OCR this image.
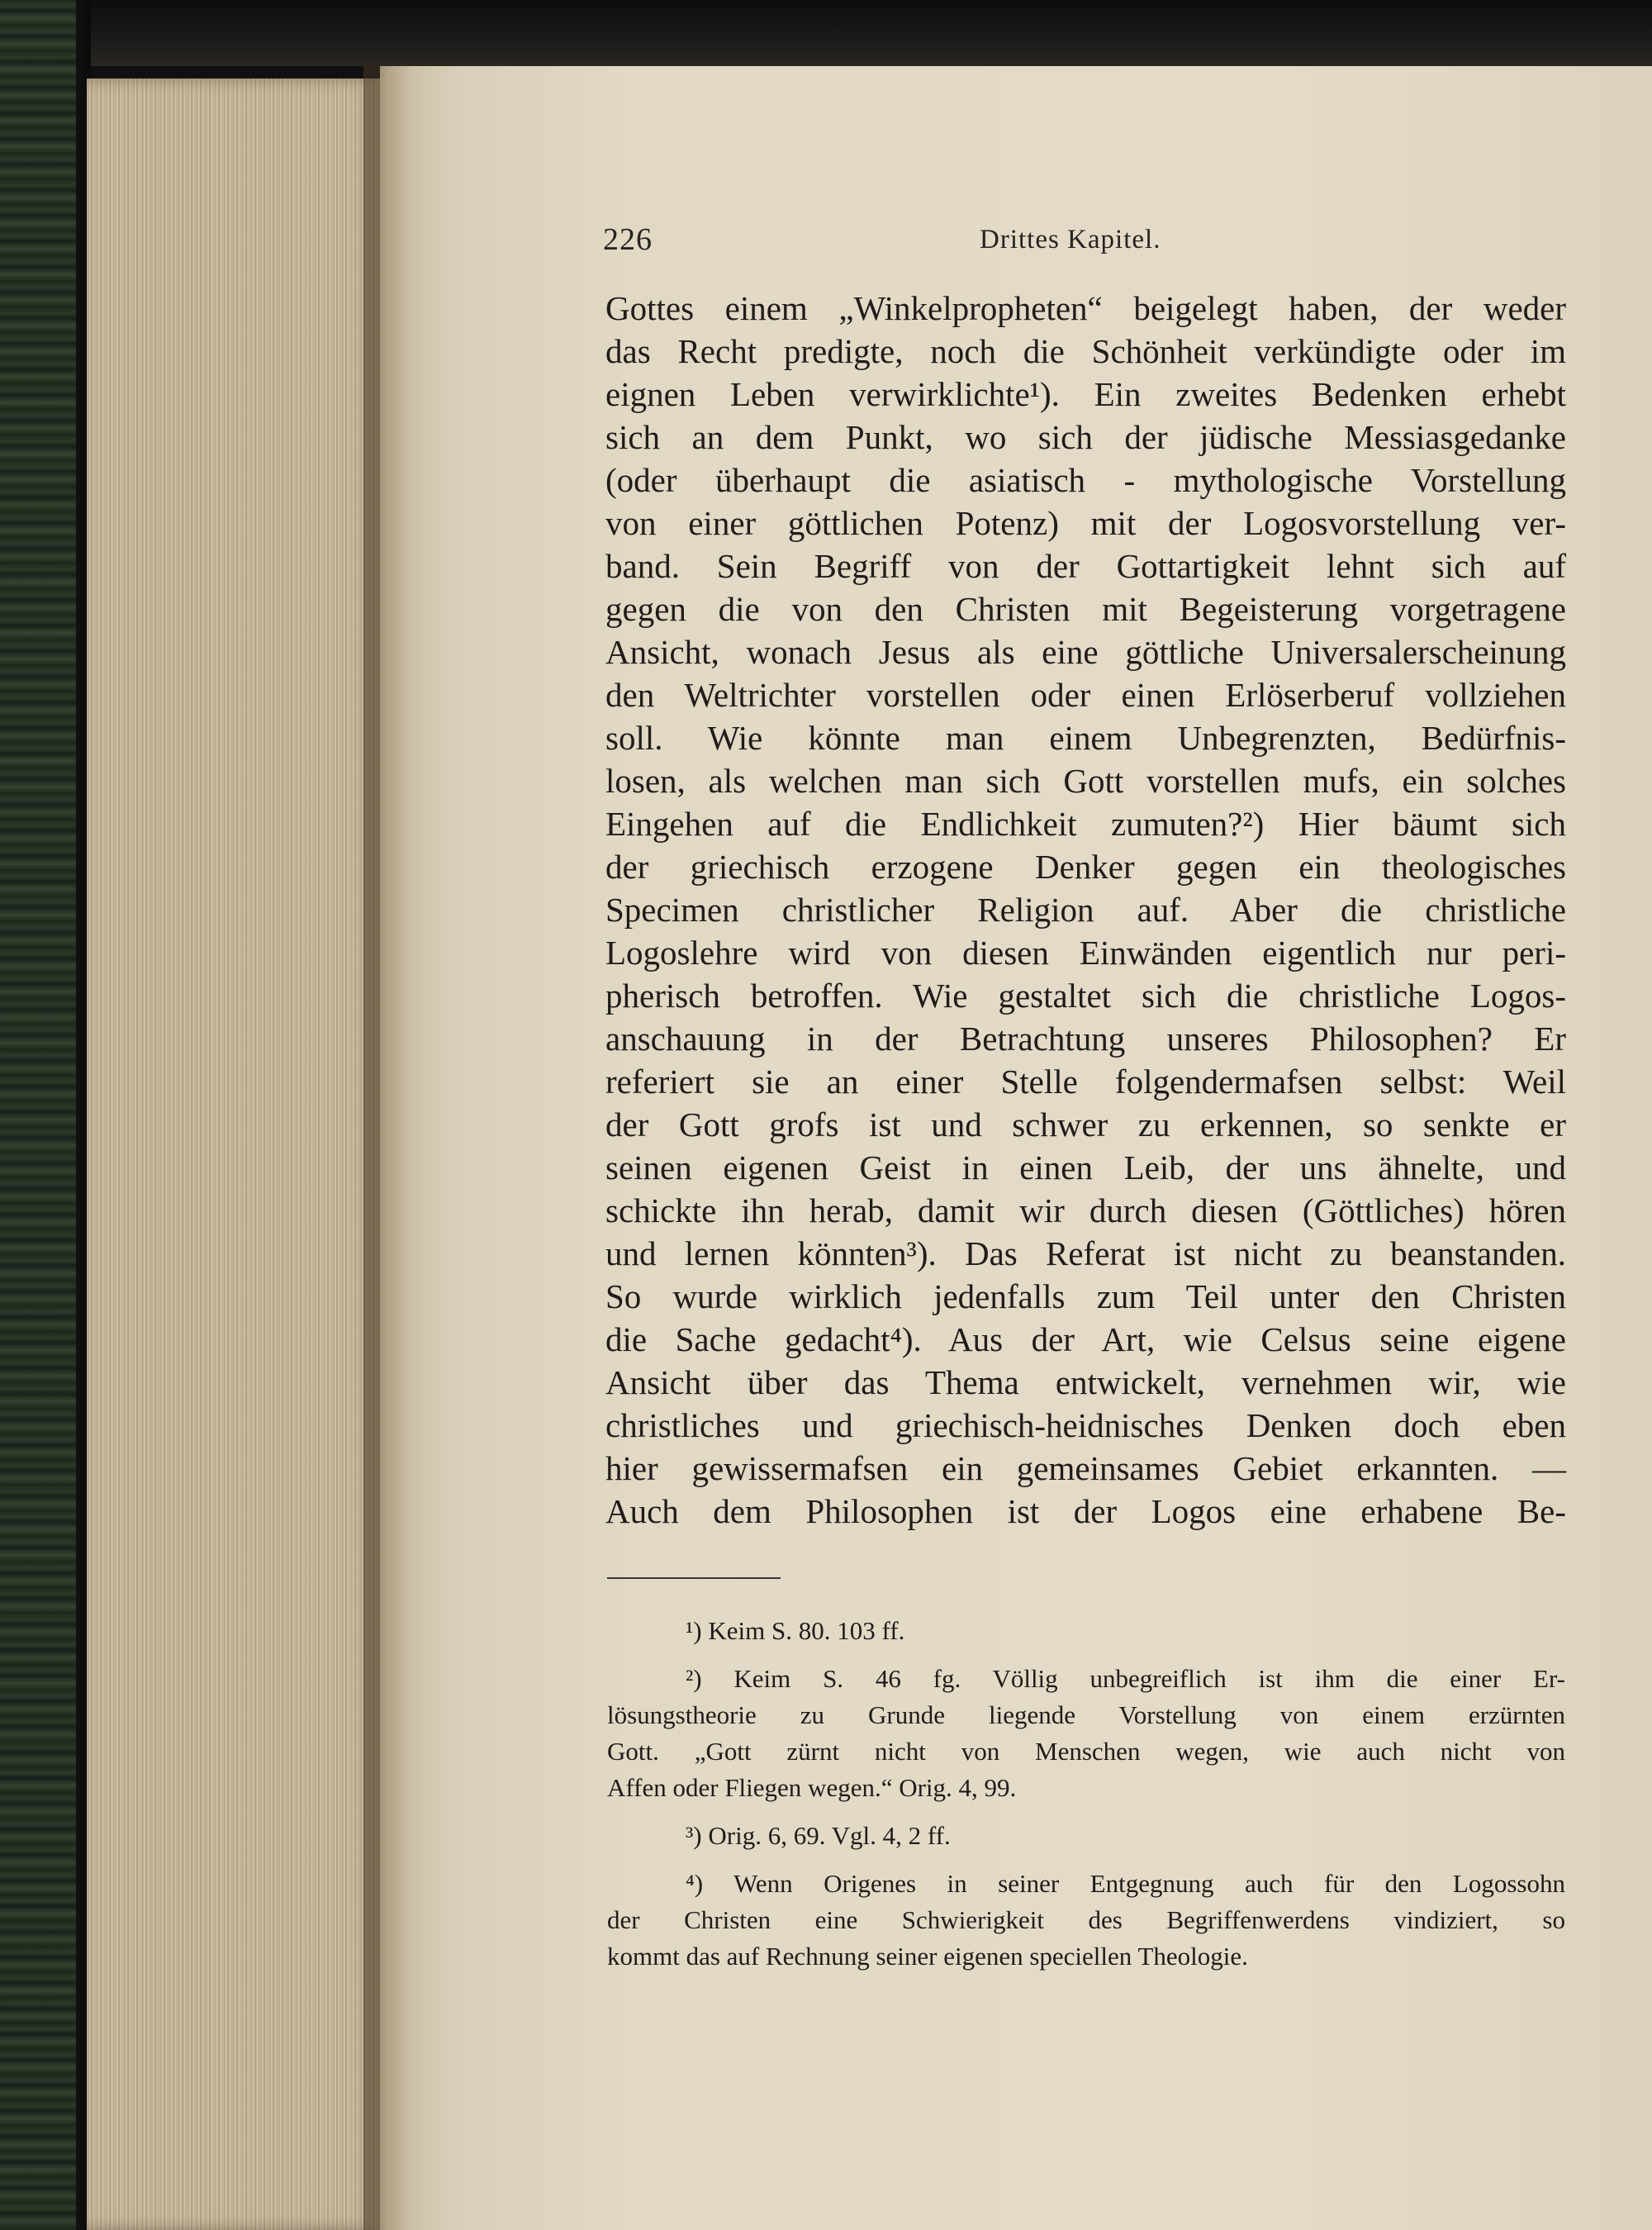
226	Drittes Kapitel.
Gottes einem „Winkelpropheten“ beigelegt haben, der weder
das Recht predigte, noch die Schönheit verkündigte oder im
eignen Leben verwirklichte¹). Ein zweites Bedenken erhebt
sich an dem Punkt, wo sich der jüdische Messiasgedanke
(oder überhaupt die asiatisch - mythologische Vorstellung
von einer göttlichen Potenz) mit der Logosvorstellung ver-
band. Sein Begriff von der Gottartigkeit lehnt sich auf
gegen die von den Christen mit Begeisterung vorgetragene
Ansicht, wonach Jesus als eine göttliche Universalerscheinung
den Weltrichter vorstellen oder einen Erlöserberuf vollziehen
soll. Wie könnte man einem Unbegrenzten, Bedürfnis-
losen, als welchen man sich Gott vorstellen mufs, ein solches
Eingehen auf die Endlichkeit zumuten?²) Hier bäumt sich
der griechisch erzogene Denker gegen ein theologisches
Specimen christlicher Religion auf. Aber die christliche
Logoslehre wird von diesen Einwänden eigentlich nur peri-
pherisch betroffen. Wie gestaltet sich die christliche Logos-
anschauung in der Betrachtung unseres Philosophen? Er
referiert sie an einer Stelle folgendermafsen selbst: Weil
der Gott grofs ist und schwer zu erkennen, so senkte er
seinen eigenen Geist in einen Leib, der uns ähnelte, und
schickte ihn herab, damit wir durch diesen (Göttliches) hören
und lernen könnten³). Das Referat ist nicht zu beanstanden.
So wurde wirklich jedenfalls zum Teil unter den Christen
die Sache gedacht⁴). Aus der Art, wie Celsus seine eigene
Ansicht über das Thema entwickelt, vernehmen wir, wie
christliches und griechisch-heidnisches Denken doch eben
hier gewissermafsen ein gemeinsames Gebiet erkannten. —
Auch dem Philosophen ist der Logos eine erhabene Be-
¹) Keim S. 80. 103 ff.
²) Keim S. 46 fg. Völlig unbegreiflich ist ihm die einer Er-
lösungstheorie zu Grunde liegende Vorstellung von einem erzürnten
Gott. „Gott zürnt nicht von Menschen wegen, wie auch nicht von
Affen oder Fliegen wegen.“ Orig. 4, 99.
³) Orig. 6, 69. Vgl. 4, 2 ff.
⁴) Wenn Origenes in seiner Entgegnung auch für den Logossohn
der Christen eine Schwierigkeit des Begriffenwerdens vindiziert, so
kommt das auf Rechnung seiner eigenen speciellen Theologie.
